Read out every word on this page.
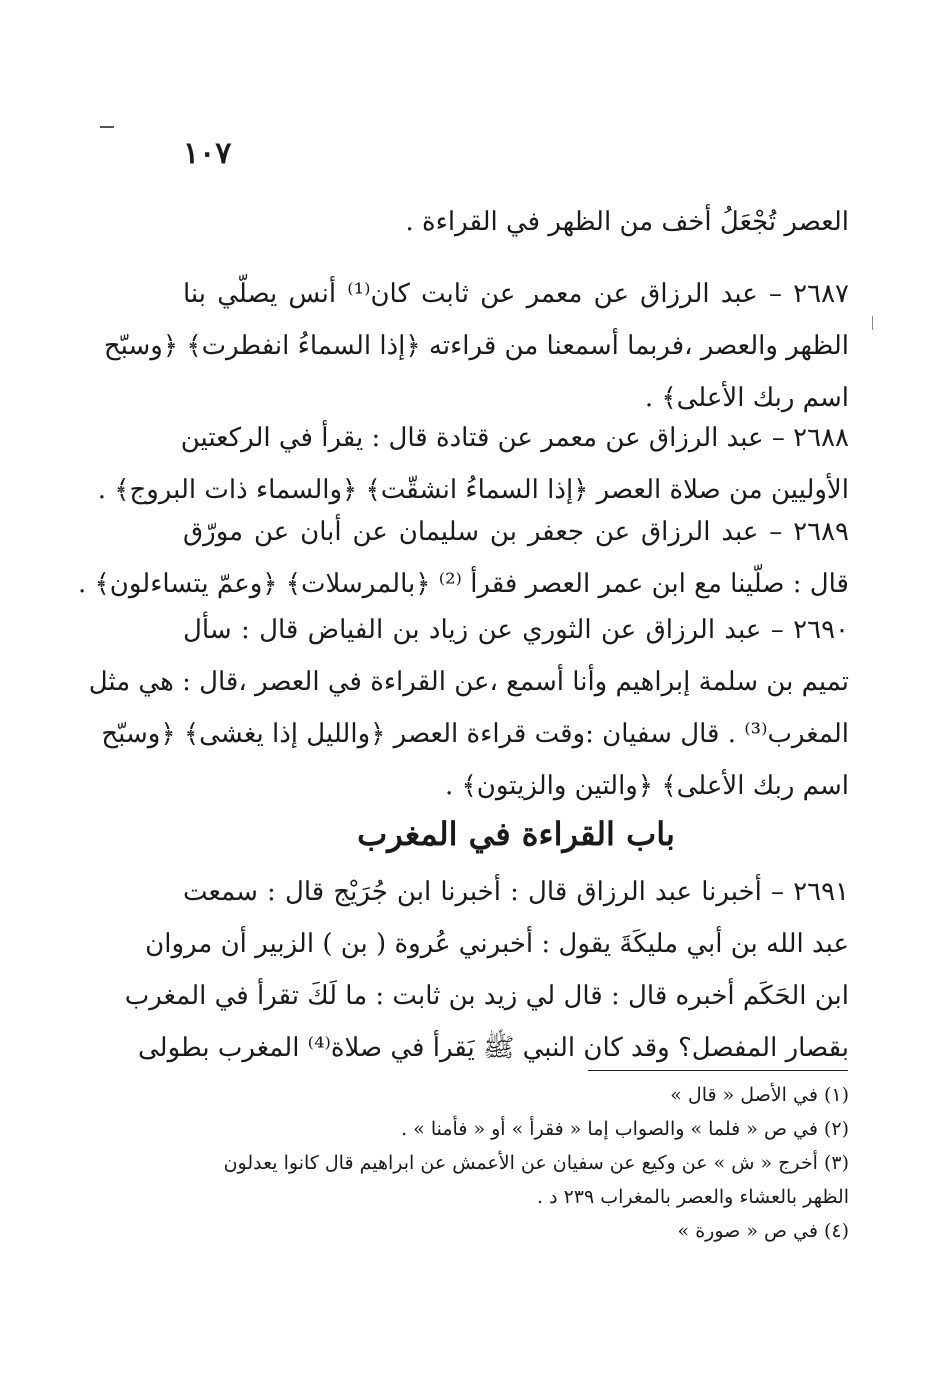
١٠٧
العصر تُجْعَلُ أخف من الظهر في القراءة .
٢٦٨٧ – عبد الرزاق عن معمر عن ثابت كان⁽¹⁾ أنس يصلّي بنا
الظهر والعصر ،فربما أسمعنا من قراءته ﴿إذا السماءُ انفطرت﴾ ﴿وسبّح
اسم ربك الأعلى﴾ .
٢٦٨٨ – عبد الرزاق عن معمر عن قتادة قال : يقرأ في الركعتين
الأوليين من صلاة العصر ﴿إذا السماءُ انشقّت﴾ ﴿والسماء ذات البروج﴾ .
٢٦٨٩ – عبد الرزاق عن جعفر بن سليمان عن أبان عن مورّق
قال : صلّينا مع ابن عمر العصر فقرأ ⁽²⁾ ﴿بالمرسلات﴾ ﴿وعمّ يتساءلون﴾ .
٢٦٩٠ – عبد الرزاق عن الثوري عن زياد بن الفياض قال : سأل
تميم بن سلمة إبراهيم وأنا أسمع ،عن القراءة في العصر ،قال : هي مثل
المغرب⁽³⁾ . قال سفيان :وقت قراءة العصر ﴿والليل إذا يغشى﴾ ﴿وسبّح
اسم ربك الأعلى﴾ ﴿والتين والزيتون﴾ .
باب القراءة في المغرب
٢٦٩١ – أخبرنا عبد الرزاق قال : أخبرنا ابن جُرَيْج قال : سمعت
عبد الله بن أبي مليكَةَ يقول : أخبرني عُروة ( بن ) الزبير أن مروان
ابن الحَكَم أخبره قال : قال لي زيد بن ثابت : ما لَكَ تقرأ في المغرب
بقصار المفصل؟ وقد كان النبي ﷺ يَقرأ في صلاة⁽⁴⁾ المغرب بطولى
(١) في الأصل « قال »
(٢) في ص « فلما » والصواب إما « فقرأ » أو « فأمنا » .
(٣) أخرج « ش » عن وكيع عن سفيان عن الأعمش عن ابراهيم قال كانوا يعدلون
الظهر بالعشاء والعصر بالمغراب ٢٣٩ د .
(٤) في ص « صورة »
